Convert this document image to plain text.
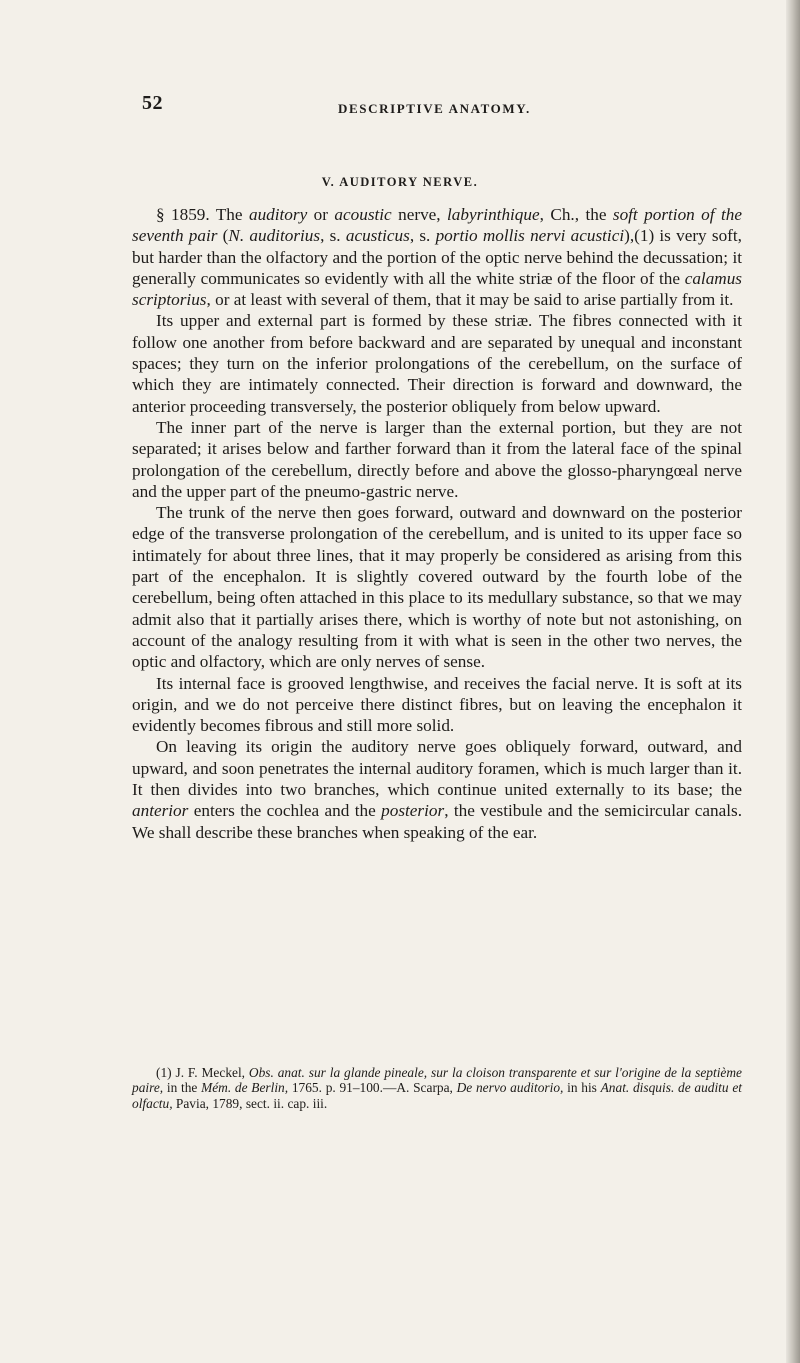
52	DESCRIPTIVE ANATOMY.
V. AUDITORY NERVE.

§ 1859. The auditory or acoustic nerve, labyrinthique, Ch., the soft portion of the seventh pair (N. auditorius, s. acusticus, s. portio mollis nervi acustici),(1) is very soft, but harder than the olfactory and the portion of the optic nerve behind the decussation; it generally communicates so evidently with all the white striæ of the floor of the calamus scriptorius, or at least with several of them, that it may be said to arise partially from it.

Its upper and external part is formed by these striæ. The fibres connected with it follow one another from before backward and are separated by unequal and inconstant spaces; they turn on the inferior prolongations of the cerebellum, on the surface of which they are intimately connected. Their direction is forward and downward, the anterior proceeding transversely, the posterior obliquely from below upward.

The inner part of the nerve is larger than the external portion, but they are not separated; it arises below and farther forward than it from the lateral face of the spinal prolongation of the cerebellum, directly before and above the glosso-pharyngœal nerve and the upper part of the pneumo-gastric nerve.

The trunk of the nerve then goes forward, outward and downward on the posterior edge of the transverse prolongation of the cerebellum, and is united to its upper face so intimately for about three lines, that it may properly be considered as arising from this part of the encephalon. It is slightly covered outward by the fourth lobe of the cerebellum, being often attached in this place to its medullary substance, so that we may admit also that it partially arises there, which is worthy of note but not astonishing, on account of the analogy resulting from it with what is seen in the other two nerves, the optic and olfactory, which are only nerves of sense.

Its internal face is grooved lengthwise, and receives the facial nerve. It is soft at its origin, and we do not perceive there distinct fibres, but on leaving the encephalon it evidently becomes fibrous and still more solid.

On leaving its origin the auditory nerve goes obliquely forward, outward, and upward, and soon penetrates the internal auditory foramen, which is much larger than it. It then divides into two branches, which continue united externally to its base; the anterior enters the cochlea and the posterior, the vestibule and the semicircular canals. We shall describe these branches when speaking of the ear.

(1) J. F. Meckel, Obs. anat. sur la glande pineale, sur la cloison transparente et sur l'origine de la septième paire, in the Mém. de Berlin, 1765. p. 91–100.—A. Scarpa, De nervo auditorio, in his Anat. disquis. de auditu et olfactu, Pavia, 1789, sect. ii. cap. iii.
